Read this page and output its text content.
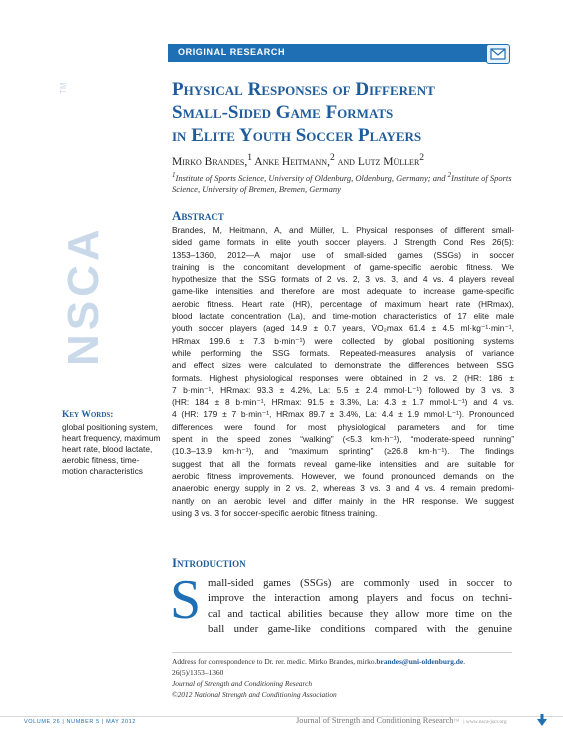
NSCA
TM
ORIGINAL RESEARCH
Physical Responses of Different
Small-Sided Game Formats
in Elite Youth Soccer Players
Mirko Brandes,$^1$ Anke Heitmann,$^2$ and Lutz Müller$^2$
$^1$Institute of Sports Science, University of Oldenburg, Oldenburg, Germany; and $^2$Institute of Sports Science, University of Bremen, Bremen, Germany
Abstract
Brandes, M, Heitmann, A, and Müller, L. Physical responses of different small-
sided game formats in elite youth soccer players. J Strength Cond Res 26(5):
1353–1360, 2012—A major use of small-sided games (SSGs) in soccer
training is the concomitant development of game-specific aerobic fitness. We
hypothesize that the SSG formats of 2 vs. 2, 3 vs. 3, and 4 vs. 4 players reveal
game-like intensities and therefore are most adequate to increase game-specific
aerobic fitness. Heart rate (HR), percentage of maximum heart rate (HRmax),
blood lactate concentration (La), and time-motion characteristics of 17 elite male
youth soccer players (aged 14.9 ± 0.7 years, V̇O₂max 61.4 ± 4.5 ml·kg⁻¹·min⁻¹,
HRmax 199.6 ± 7.3 b·min⁻¹) were collected by global positioning systems
while performing the SSG formats. Repeated-measures analysis of variance
and effect sizes were calculated to demonstrate the differences between SSG
formats. Highest physiological responses were obtained in 2 vs. 2 (HR: 186 ±
7 b·min⁻¹, HRmax: 93.3 ± 4.2%, La: 5.5 ± 2.4 mmol·L⁻¹) followed by 3 vs. 3
(HR: 184 ± 8 b·min⁻¹, HRmax: 91.5 ± 3.3%, La: 4.3 ± 1.7 mmol·L⁻¹) and 4 vs.
4 (HR: 179 ± 7 b·min⁻¹, HRmax 89.7 ± 3.4%, La: 4.4 ± 1.9 mmol·L⁻¹). Pronounced
differences were found for most physiological parameters and for time
spent in the speed zones “walking” (<5.3 km·h⁻¹), “moderate-speed running”
(10.3–13.9 km·h⁻¹), and “maximum sprinting” (≥26.8 km·h⁻¹). The findings
suggest that all the formats reveal game-like intensities and are suitable for
aerobic fitness improvements. However, we found pronounced demands on the
anaerobic energy supply in 2 vs. 2, whereas 3 vs. 3 and 4 vs. 4 remain predomi-
nantly on an aerobic level and differ mainly in the HR response. We suggest
using 3 vs. 3 for soccer-specific aerobic fitness training.
Key Words:
global positioning system,
heart frequency, maximum
heart rate, blood lactate,
aerobic fitness, time-
motion characteristics
Introduction
S mall-sided games (SSGs) are commonly used in soccer to
improve the interaction among players and focus on techni-
cal and tactical abilities because they allow more time on the
ball under game-like conditions compared with the genuine
Address for correspondence to Dr. rer. medic. Mirko Brandes, mirko.brandes@uni-oldenburg.de.
26(5)/1353–1360
Journal of Strength and Conditioning Research
©2012 National Strength and Conditioning Association
VOLUME 26 | NUMBER 5 | MAY 2012	Journal of Strength and Conditioning Research™ | www.nsca-jscr.org
